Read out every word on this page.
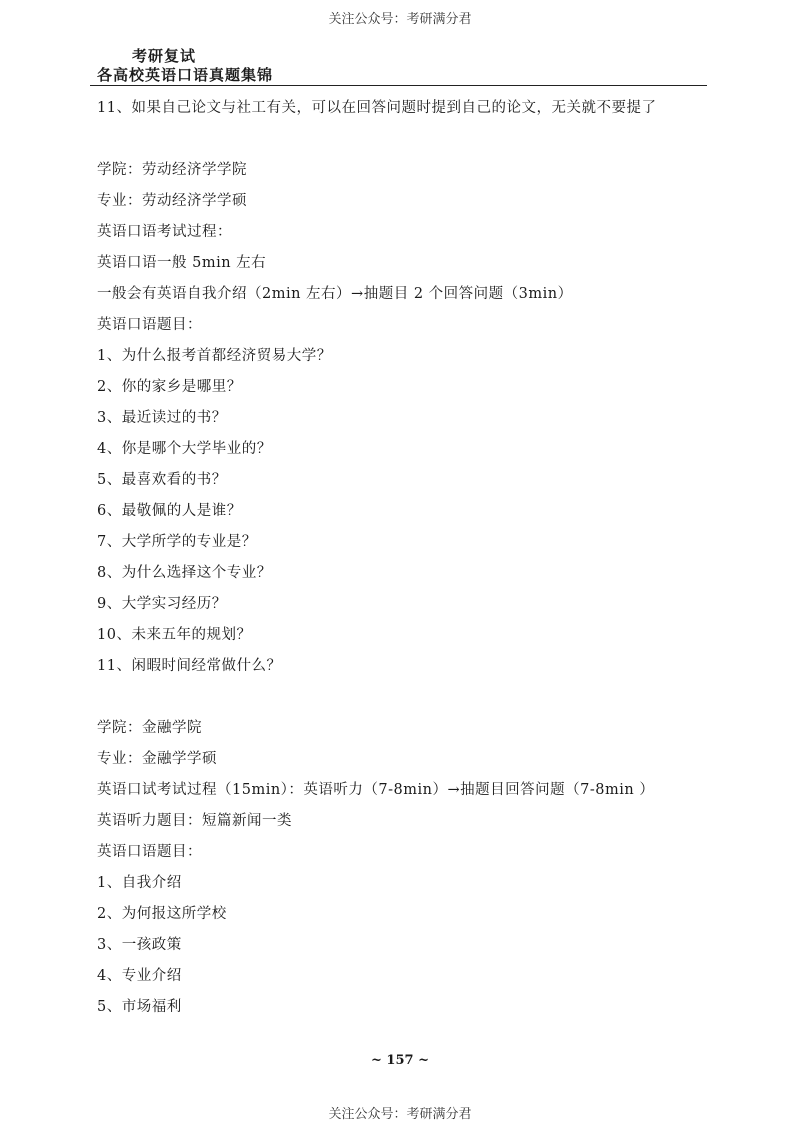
关注公众号：考研满分君
考研复试
各高校英语口语真题集锦
11、如果自己论文与社工有关，可以在回答问题时提到自己的论文，无关就不要提了
学院：劳动经济学学院
专业：劳动经济学学硕
英语口语考试过程：
英语口语一般 5min 左右
一般会有英语自我介绍（2min 左右）→抽题目 2 个回答问题（3min）
英语口语题目：
1、为什么报考首都经济贸易大学？
2、你的家乡是哪里？
3、最近读过的书？
4、你是哪个大学毕业的？
5、最喜欢看的书？
6、最敬佩的人是谁？
7、大学所学的专业是？
8、为什么选择这个专业？
9、大学实习经历？
10、未来五年的规划？
11、闲暇时间经常做什么？
学院：金融学院
专业：金融学学硕
英语口试考试过程（15min）：英语听力（7-8min）→抽题目回答问题（7-8min ）
英语听力题目：短篇新闻一类
英语口语题目：
1、自我介绍
2、为何报这所学校
3、一孩政策
4、专业介绍
5、市场福利
~ 157 ~
关注公众号：考研满分君
